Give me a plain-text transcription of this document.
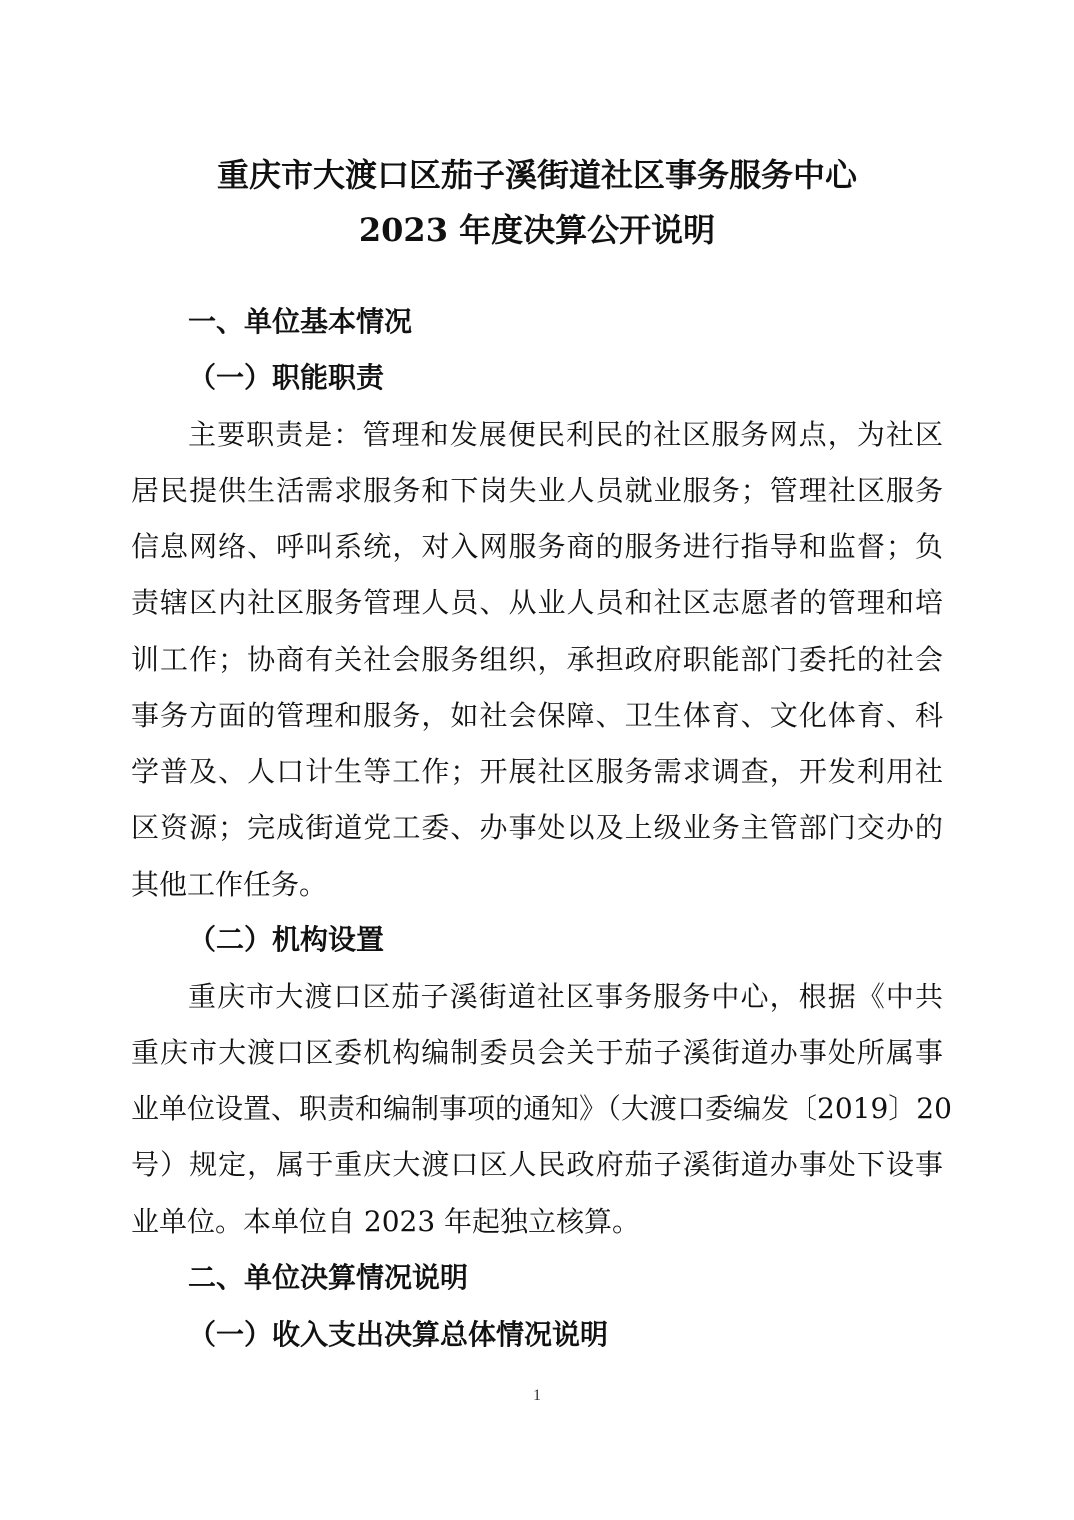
重庆市大渡口区茄子溪街道社区事务服务中心
2023 年度决算公开说明
一、单位基本情况
（一）职能职责
主要职责是：管理和发展便民利民的社区服务网点，为社区
居民提供生活需求服务和下岗失业人员就业服务；管理社区服务
信息网络、呼叫系统，对入网服务商的服务进行指导和监督；负
责辖区内社区服务管理人员、从业人员和社区志愿者的管理和培
训工作；协商有关社会服务组织，承担政府职能部门委托的社会
事务方面的管理和服务，如社会保障、卫生体育、文化体育、科
学普及、人口计生等工作；开展社区服务需求调查，开发利用社
区资源；完成街道党工委、办事处以及上级业务主管部门交办的
其他工作任务。
（二）机构设置
重庆市大渡口区茄子溪街道社区事务服务中心，根据《中共
重庆市大渡口区委机构编制委员会关于茄子溪街道办事处所属事
业单位设置、职责和编制事项的通知》（大渡口委编发〔2019〕20
号）规定，属于重庆大渡口区人民政府茄子溪街道办事处下设事
业单位。本单位自 2023 年起独立核算。
二、单位决算情况说明
（一）收入支出决算总体情况说明
1
